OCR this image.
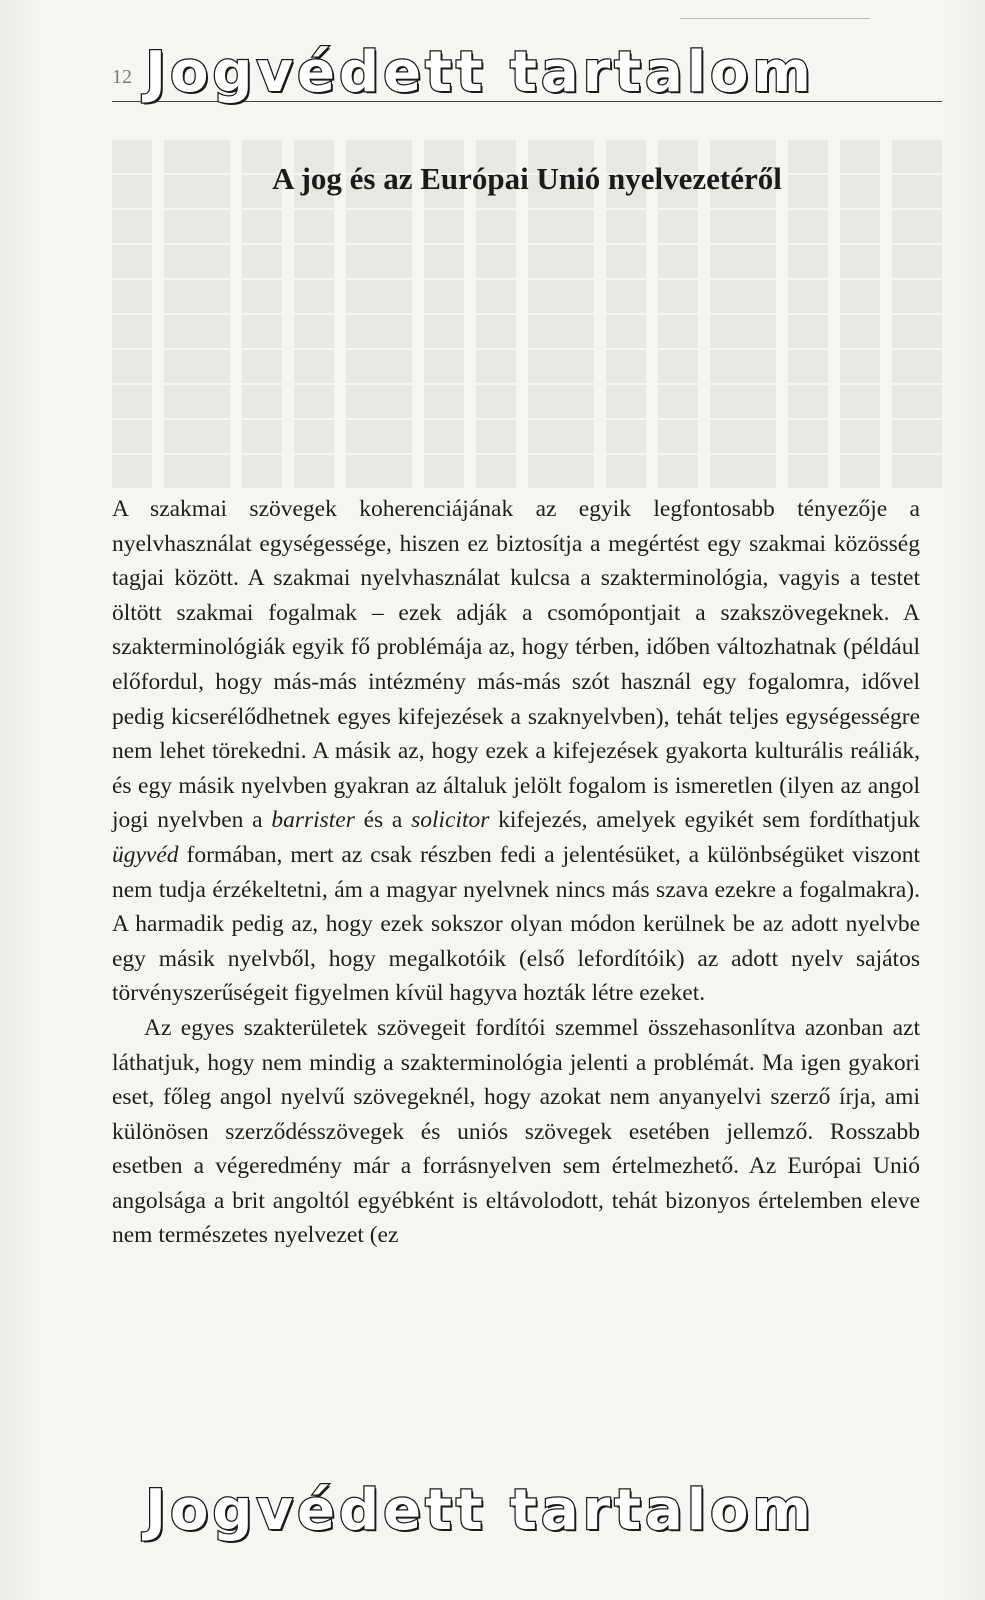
12 Jogvédett tartalom
A jog és az Európai Unió nyelvezetéről

A szakmai szövegek koherenciájának az egyik legfontosabb tényezője a nyelvhasználat egységessége, hiszen ez biztosítja a megértést egy szakmai közösség tagjai között. A szakmai nyelvhasználat kulcsa a szakterminológia, vagyis a testet öltött szakmai fogalmak – ezek adják a csomópontjait a szakszövegeknek. A szakterminológiák egyik fő problémája az, hogy térben, időben változhatnak (például előfordul, hogy más-más intézmény más-más szót használ egy fogalomra, idővel pedig kicserélődhetnek egyes kifejezések a szaknyelvben), tehát teljes egységességre nem lehet törekedni. A másik az, hogy ezek a kifejezések gyakorta kulturális reáliák, és egy másik nyelvben gyakran az általuk jelölt fogalom is ismeretlen (ilyen az angol jogi nyelvben a barrister és a solicitor kifejezés, amelyek egyikét sem fordíthatjuk ügyvéd formában, mert az csak részben fedi a jelentésüket, a különbségüket viszont nem tudja érzékeltetni, ám a magyar nyelvnek nincs más szava ezekre a fogalmakra). A harmadik pedig az, hogy ezek sokszor olyan módon kerülnek be az adott nyelvbe egy másik nyelvből, hogy megalkotóik (első lefordítóik) az adott nyelv sajátos törvényszerűségeit figyelmen kívül hagyva hozták létre ezeket.

Az egyes szakterületek szövegeit fordítói szemmel összehasonlítva azonban azt láthatjuk, hogy nem mindig a szakterminológia jelenti a problémát. Ma igen gyakori eset, főleg angol nyelvű szövegeknél, hogy azokat nem anyanyelvi szerző írja, ami különösen szerződésszövegek és uniós szövegek esetében jellemző. Rosszabb esetben a végeredmény már a forrásnyelven sem értelmezhető. Az Európai Unió angolsága a brit angoltól egyébként is eltávolodott, tehát bizonyos értelemben eleve nem természetes nyelvezet (ez

Jogvédett tartalom
